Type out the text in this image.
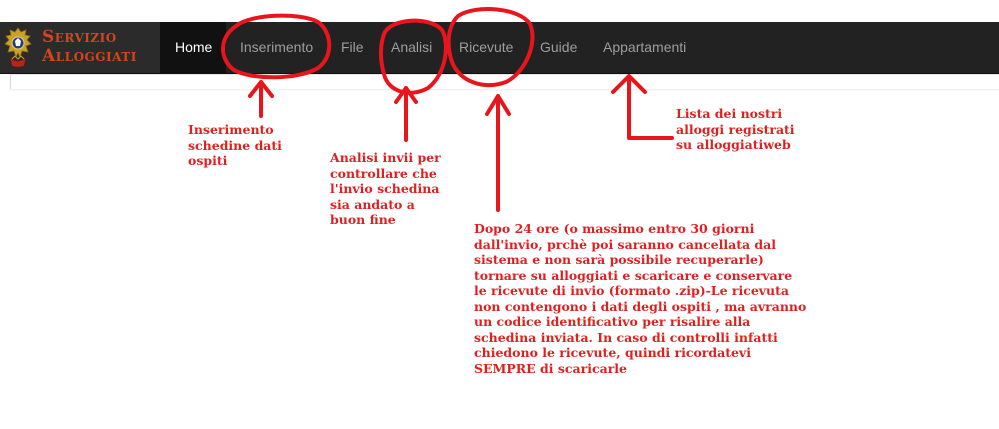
Servizio
Alloggiati	Home Inserimento File Analisi Ricevute Guide Appartamenti
Inserimento
schedine dati
ospiti	Analisi invii per
controllare che
l'invio schedina
sia andato a
buon fine
Dopo 24 ore (o massimo entro 30 giorni
dall'invio, prchè poi saranno cancellata dal
sistema e non sarà possibile recuperarle)
tornare su alloggiati e scaricare e conservare
le ricevute di invio (formato .zip)-Le ricevuta
non contengono i dati degli ospiti , ma avranno
un codice identificativo per risalire alla
schedina inviata. In caso di controlli infatti
chiedono le ricevute, quindi ricordatevi
SEMPRE di scaricarle
Lista dei nostri
alloggi registrati
su alloggiatiweb
